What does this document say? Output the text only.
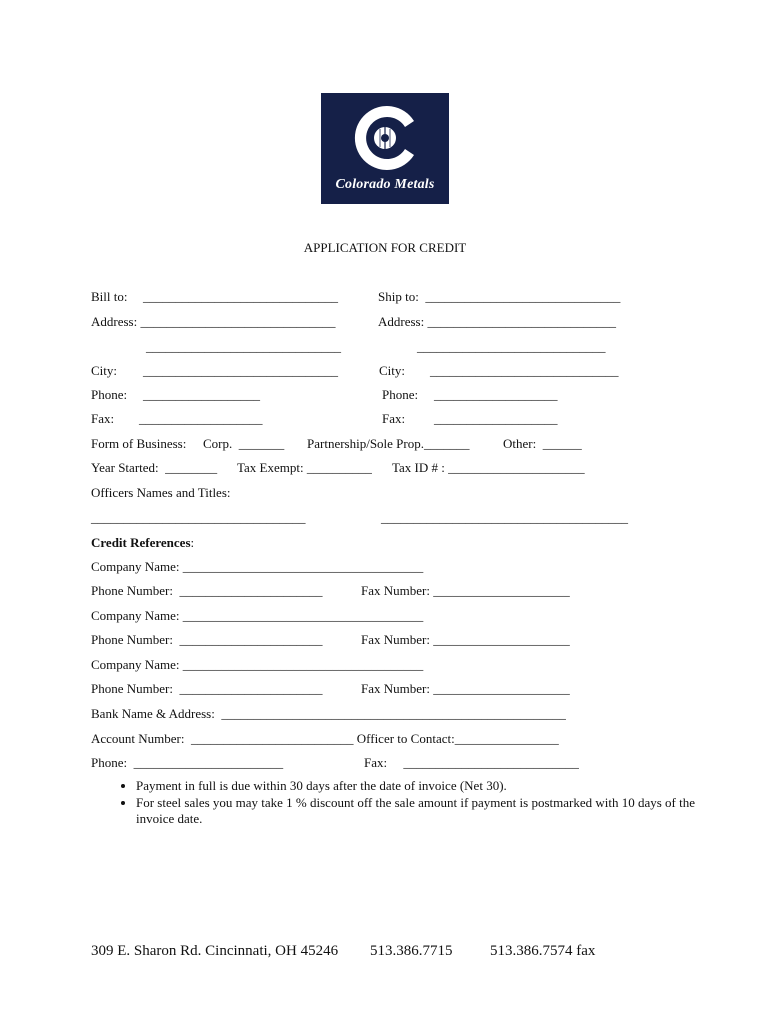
Colorado Metals
APPLICATION FOR CREDIT
Bill to: ______________________________	Ship to:  ______________________________
Address: ______________________________	Address: _____________________________
______________________________	_____________________________
City: ______________________________	City: _____________________________
Phone: __________________	Phone: ___________________
Fax: ___________________	Fax: ___________________
Form of Business: Corp.  _______ Partnership/Sole Prop._______	Other:  ______
Year Started:  ________ Tax Exempt: __________ Tax ID # : _____________________
Officers Names and Titles:
_________________________________	______________________________________
Credit References:
Company Name: _____________________________________
Phone Number:  ______________________	Fax Number: _____________________
Company Name: _____________________________________
Phone Number:  ______________________	Fax Number: _____________________
Company Name: _____________________________________
Phone Number:  ______________________	Fax Number: _____________________
Bank Name & Address:  _____________________________________________________
Account Number:  _________________________ Officer to Contact:________________
Phone:  _______________________	Fax:     ___________________________
• Payment in full is due within 30 days after the date of invoice (Net 30).
• For steel sales you may take 1 % discount off the sale amount if payment is postmarked with 10 days of the invoice date.
309 E. Sharon Rd. Cincinnati, OH 45246 513.386.7715	513.386.7574 fax
